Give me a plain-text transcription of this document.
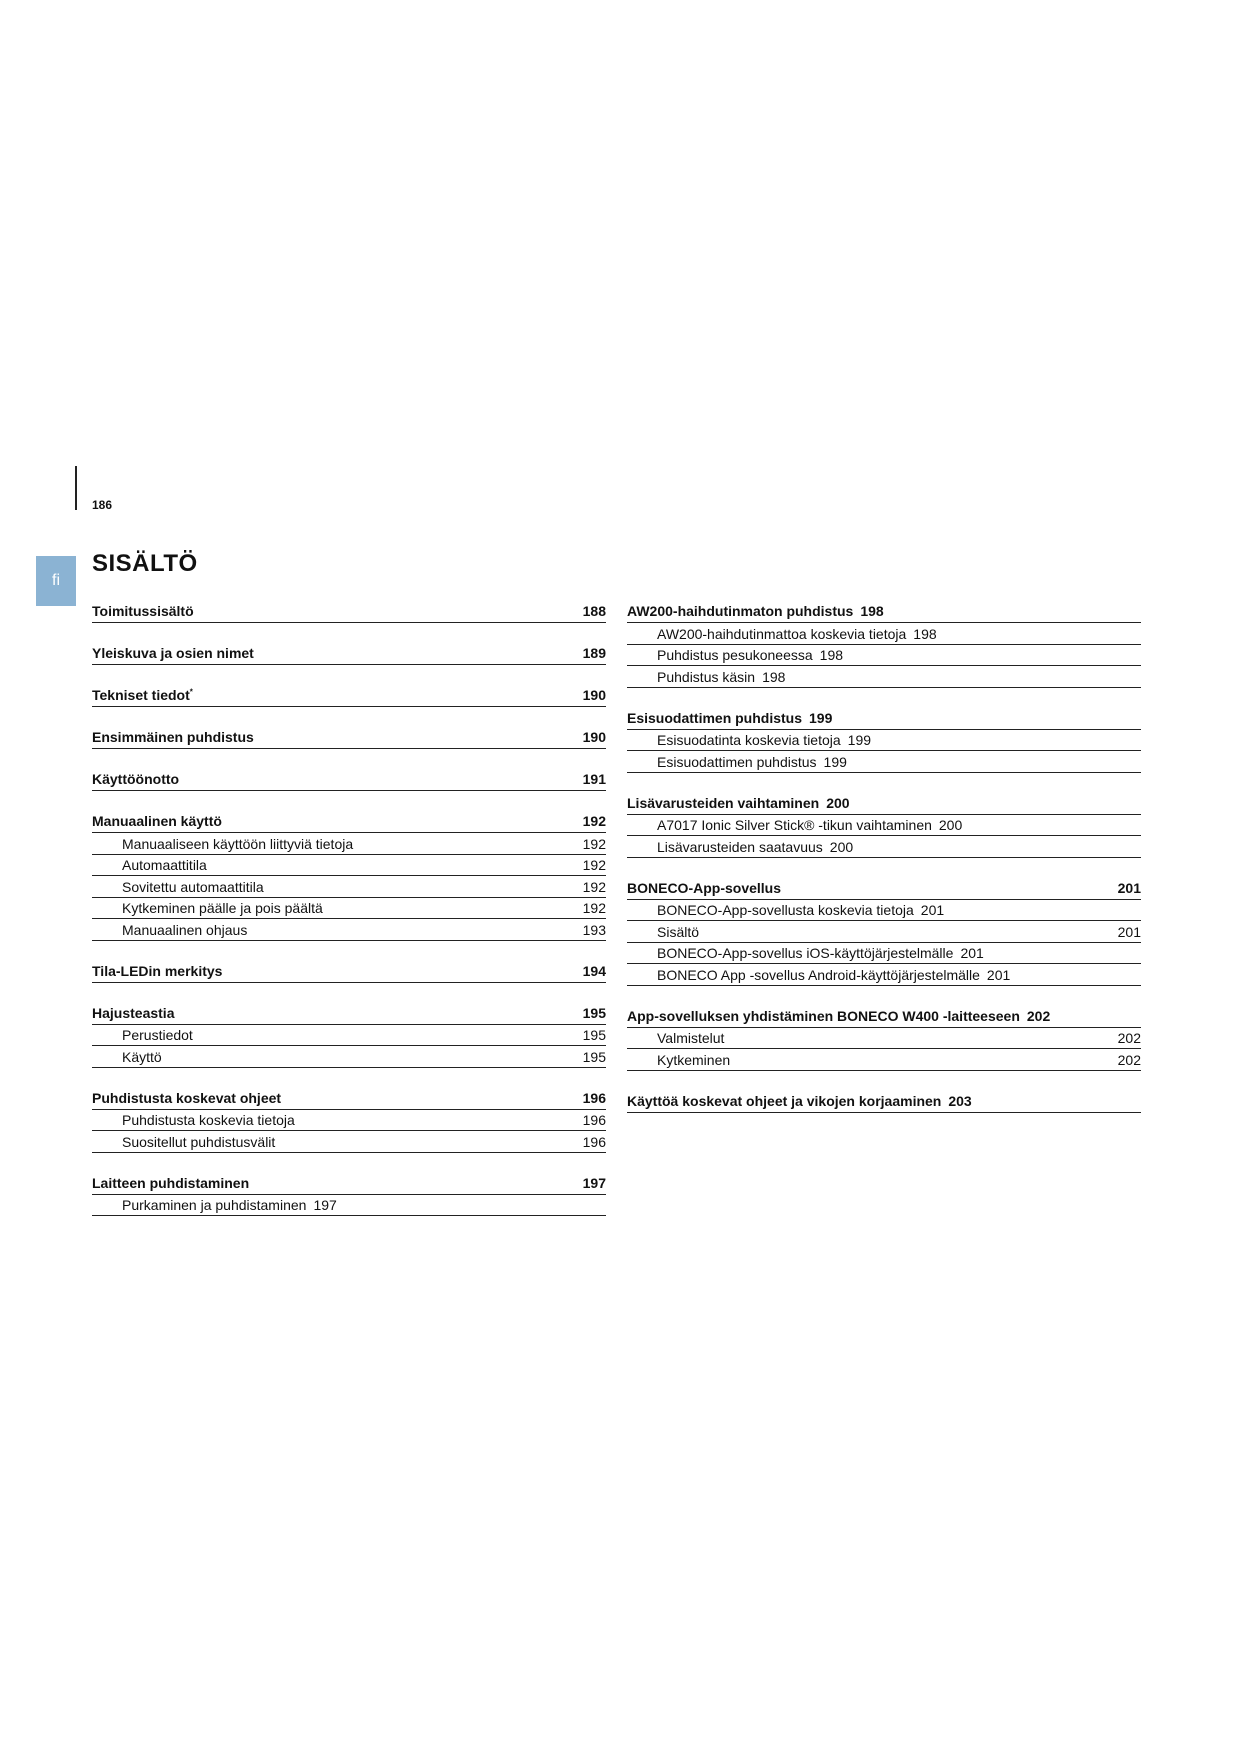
186
fi
SISÄLTÖ
Toimitussisältö	188
Yleiskuva ja osien nimet	189
Tekniset tiedot*	190
Ensimmäinen puhdistus	190
Käyttöönotto	191
Manuaalinen käyttö	192
Manuaaliseen käyttöön liittyviä tietoja	192
Automaattitila	192
Sovitettu automaattitila	192
Kytkeminen päälle ja pois päältä	192
Manuaalinen ohjaus	193
Tila-LEDin merkitys	194
Hajusteastia	195
Perustiedot	195
Käyttö	195
Puhdistusta koskevat ohjeet	196
Puhdistusta koskevia tietoja	196
Suositellut puhdistusvälit	196
Laitteen puhdistaminen	197
Purkaminen ja puhdistaminen 197
AW200-haihdutinmaton puhdistus 198
AW200-haihdutinmattoa koskevia tietoja 198
Puhdistus pesukoneessa 198
Puhdistus käsin 198
Esisuodattimen puhdistus 199
Esisuodatinta koskevia tietoja 199
Esisuodattimen puhdistus 199
Lisävarusteiden vaihtaminen 200
A7017 Ionic Silver Stick® -tikun vaihtaminen 200
Lisävarusteiden saatavuus 200
BONECO-App-sovellus	201
BONECO-App-sovellusta koskevia tietoja 201
Sisältö	201
BONECO-App-sovellus iOS-käyttöjärjestelmälle 201
BONECO App -sovellus Android-käyttöjärjestelmälle 201
App-sovelluksen yhdistäminen BONECO W400 -laitteeseen 202
Valmistelut	202
Kytkeminen	202
Käyttöä koskevat ohjeet ja vikojen korjaaminen 203
